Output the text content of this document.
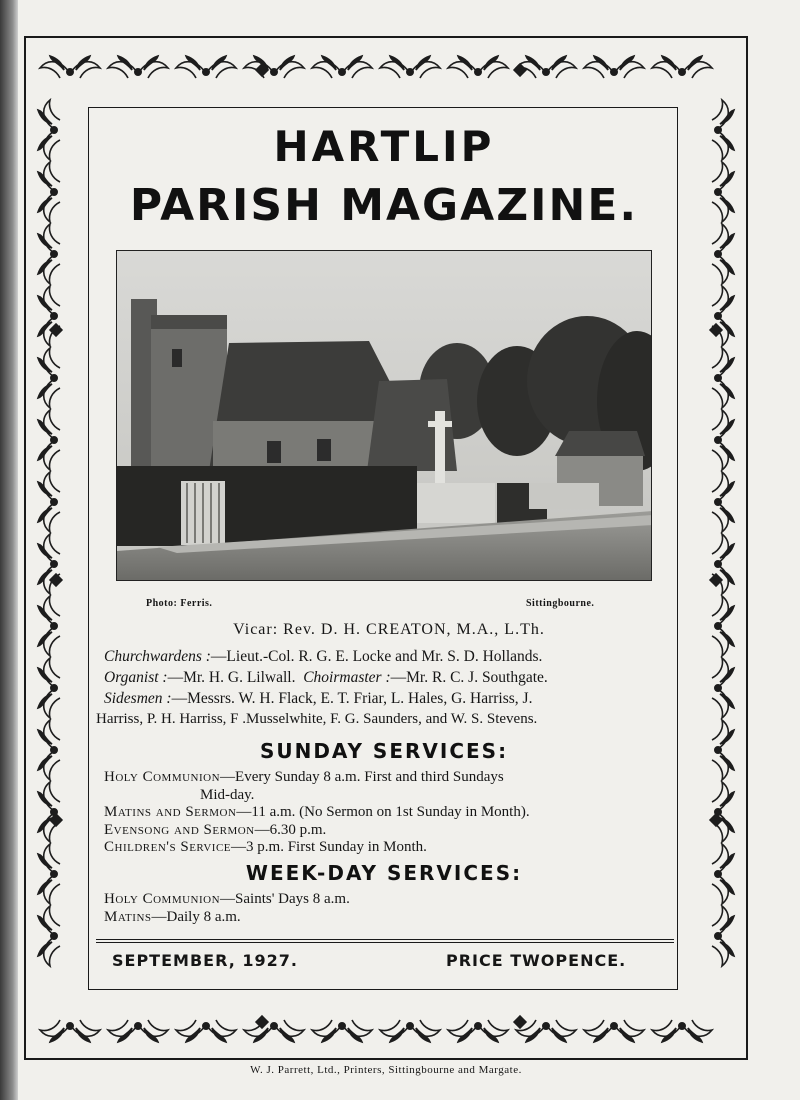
HARTLIP
PARISH MAGAZINE.

Photo: Ferris.	Sittingbourne.

Vicar: Rev. D. H. CREATON, M.A., L.Th.

Churchwardens :—Lieut.-Col. R. G. E. Locke and Mr. S. D. Hollands.

Organist :—Mr. H. G. Lilwall. Choirmaster :—Mr. R. C. J. Southgate.

Sidesmen :—Messrs. W. H. Flack, E. T. Friar, L. Hales, G. Harriss, J.

Harriss, P. H. Harriss, F .Musselwhite, F. G. Saunders, and W. S. Stevens.

SUNDAY SERVICES:

Holy Communion—Every Sunday 8 a.m. First and third Sundays

Mid-day.

Matins and Sermon—11 a.m. (No Sermon on 1st Sunday in Month).

Evensong and Sermon—6.30 p.m.

Children's Service—3 p.m. First Sunday in Month.

WEEK-DAY SERVICES:

Holy Communion—Saints' Days 8 a.m.

Matins—Daily 8 a.m.

SEPTEMBER, 1927.	PRICE TWOPENCE.

W. J. Parrett, Ltd., Printers, Sittingbourne and Margate.
